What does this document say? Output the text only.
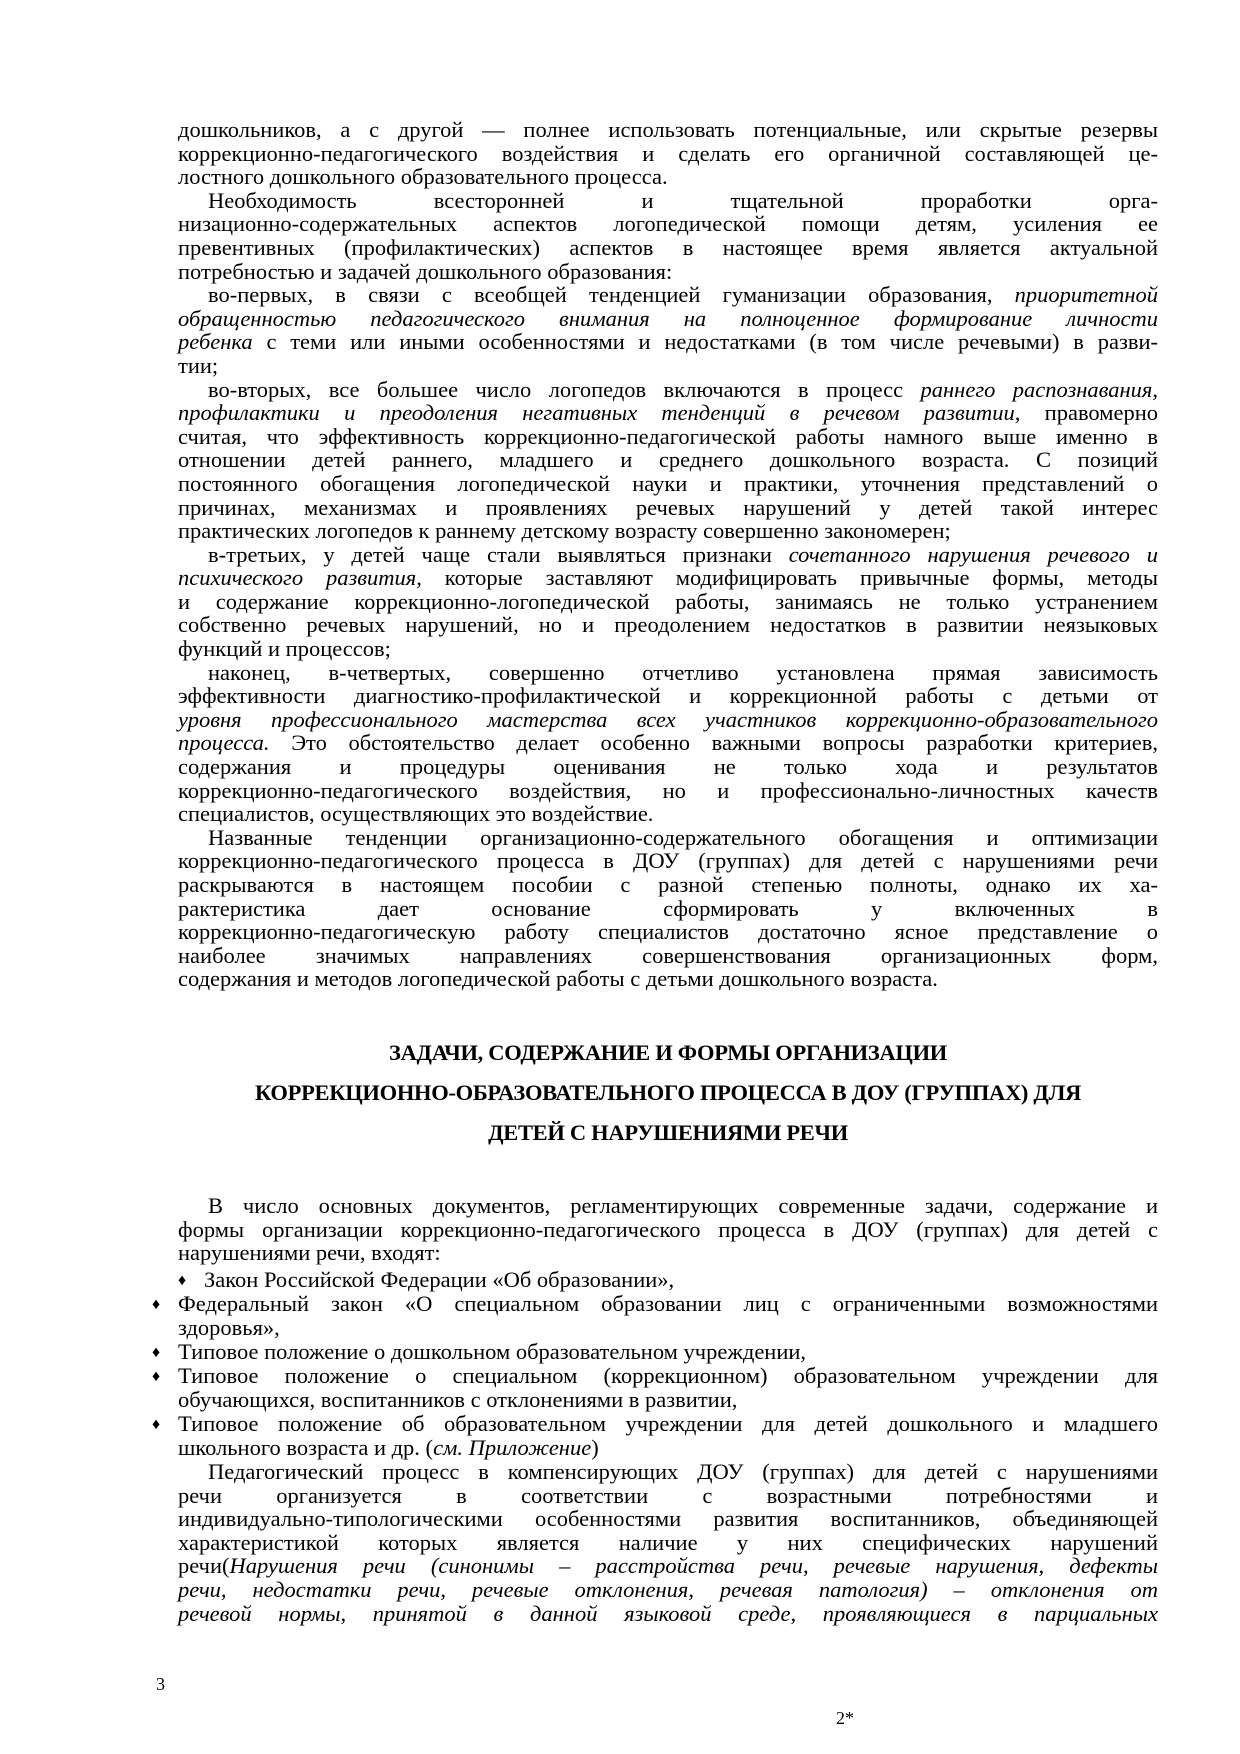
дошкольников, а с другой — полнее использовать потенциальные, или скрытые резервы
коррекционно-педагогического воздействия и сделать его органичной составляющей це-
лостного дошкольного образовательного процесса.
Необходимость всесторонней и тщательной проработки орга-
низационно-содержательных аспектов логопедической помощи детям, усиления ее
превентивных (профилактических) аспектов в настоящее время является актуальной
потребностью и задачей дошкольного образования:
во-первых, в связи с всеобщей тенденцией гуманизации образования, приоритетной
обращенностью педагогического внимания на полноценное формирование личности
ребенка с теми или иными особенностями и недостатками (в том числе речевыми) в разви-
тии;
во-вторых, все большее число логопедов включаются в процесс раннего распознавания,
профилактики и преодоления негативных тенденций в речевом развитии, правомерно
считая, что эффективность коррекционно-педагогической работы намного выше именно в
отношении детей раннего, младшего и среднего дошкольного возраста. С позиций
постоянного обогащения логопедической науки и практики, уточнения представлений о
причинах, механизмах и проявлениях речевых нарушений у детей такой интерес
практических логопедов к раннему детскому возрасту совершенно закономерен;
в-третьих, у детей чаще стали выявляться признаки сочетанного нарушения речевого и
психического развития, которые заставляют модифицировать привычные формы, методы
и содержание коррекционно-логопедической работы, занимаясь не только устранением
собственно речевых нарушений, но и преодолением недостатков в развитии неязыковых
функций и процессов;
наконец, в-четвертых, совершенно отчетливо установлена прямая зависимость
эффективности диагностико-профилактической и коррекционной работы с детьми от
уровня профессионального мастерства всех участников коррекционно-образовательного
процесса. Это обстоятельство делает особенно важными вопросы разработки критериев,
содержания и процедуры оценивания не только хода и результатов
коррекционно-педагогического воздействия, но и профессионально-личностных качеств
специалистов, осуществляющих это воздействие.
Названные тенденции организационно-содержательного обогащения и оптимизации
коррекционно-педагогического процесса в ДОУ (группах) для детей с нарушениями речи
раскрываются в настоящем пособии с разной степенью полноты, однако их ха-
рактеристика дает основание сформировать у включенных в
коррекционно-педагогическую работу специалистов достаточно ясное представление о
наиболее значимых направлениях совершенствования организационных форм,
содержания и методов логопедической работы с детьми дошкольного возраста.
ЗАДАЧИ, СОДЕРЖАНИЕ И ФОРМЫ ОРГАНИЗАЦИИ
КОРРЕКЦИОННО-ОБРАЗОВАТЕЛЬНОГО ПРОЦЕССА В ДОУ (ГРУППАХ) ДЛЯ
ДЕТЕЙ С НАРУШЕНИЯМИ РЕЧИ
В число основных документов, регламентирующих современные задачи, содержание и
формы организации коррекционно-педагогического процесса в ДОУ (группах) для детей с
нарушениями речи, входят:
♦ Закон Российской Федерации «Об образовании»,
♦ Федеральный закон «О специальном образовании лиц с ограниченными возможностями
здоровья»,
♦ Типовое положение о дошкольном образовательном учреждении,
♦ Типовое положение о специальном (коррекционном) образовательном учреждении для
обучающихся, воспитанников с отклонениями в развитии,
♦ Типовое положение об образовательном учреждении для детей дошкольного и младшего
школьного возраста и др. (см. Приложение)
Педагогический процесс в компенсирующих ДОУ (группах) для детей с нарушениями
речи организуется в соответствии с возрастными потребностями и
индивидуально-типологическими особенностями развития воспитанников, объединяющей
характеристикой которых является наличие у них специфических нарушений
речи(Нарушения речи (синонимы – расстройства речи, речевые нарушения, дефекты
речи, недостатки речи, речевые отклонения, речевая патология) – отклонения от
речевой нормы, принятой в данной языковой среде, проявляющиеся в парциальных
3
2*
